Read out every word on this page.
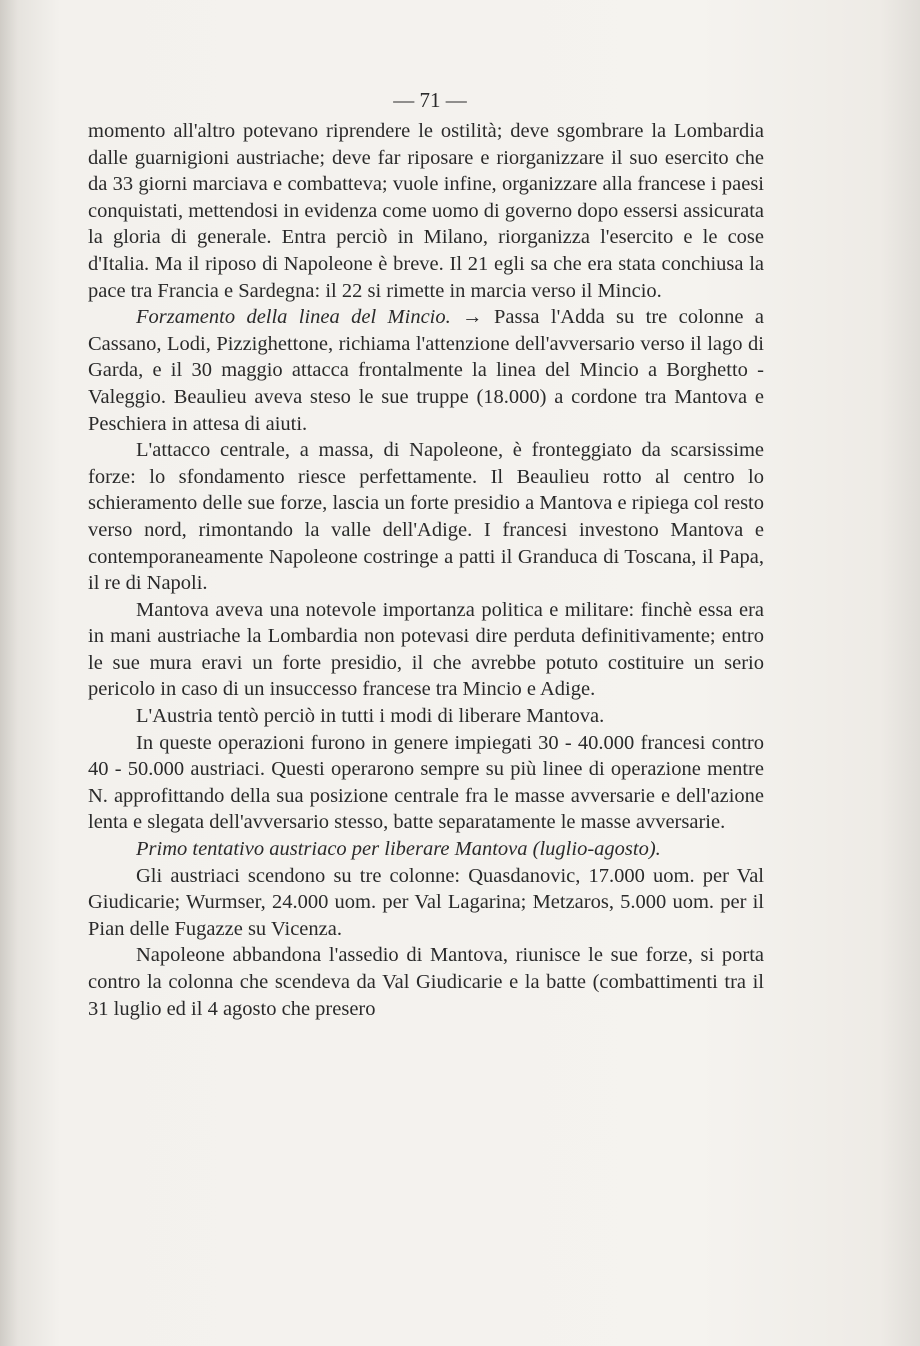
— 71 —

momento all'altro potevano riprendere le ostilità; deve sgombrare la Lombardia dalle guarnigioni austriache; deve far riposare e riorganizzare il suo esercito che da 33 giorni marciava e combatteva; vuole infine, organizzare alla francese i paesi conquistati, mettendosi in evidenza come uomo di governo dopo essersi assicurata la gloria di generale. Entra perciò in Milano, riorganizza l'esercito e le cose d'Italia. Ma il riposo di Napoleone è breve. Il 21 egli sa che era stata conchiusa la pace tra Francia e Sardegna: il 22 si rimette in marcia verso il Mincio.

Forzamento della linea del Mincio. → Passa l'Adda su tre colonne a Cassano, Lodi, Pizzighettone, richiama l'attenzione dell'avversario verso il lago di Garda, e il 30 maggio attacca frontalmente la linea del Mincio a Borghetto - Valeggio. Beaulieu aveva steso le sue truppe (18.000) a cordone tra Mantova e Peschiera in attesa di aiuti.

L'attacco centrale, a massa, di Napoleone, è fronteggiato da scarsissime forze: lo sfondamento riesce perfettamente. Il Beaulieu rotto al centro lo schieramento delle sue forze, lascia un forte presidio a Mantova e ripiega col resto verso nord, rimontando la valle dell'Adige. I francesi investono Mantova e contemporaneamente Napoleone costringe a patti il Granduca di Toscana, il Papa, il re di Napoli.

Mantova aveva una notevole importanza politica e militare: finchè essa era in mani austriache la Lombardia non potevasi dire perduta definitivamente; entro le sue mura eravi un forte presidio, il che avrebbe potuto costituire un serio pericolo in caso di un insuccesso francese tra Mincio e Adige.

L'Austria tentò perciò in tutti i modi di liberare Mantova.

In queste operazioni furono in genere impiegati 30 - 40.000 francesi contro 40 - 50.000 austriaci. Questi operarono sempre su più linee di operazione mentre N. approfittando della sua posizione centrale fra le masse avversarie e dell'azione lenta e slegata dell'avversario stesso, batte separatamente le masse avversarie.

Primo tentativo austriaco per liberare Mantova (luglio-agosto).

Gli austriaci scendono su tre colonne: Quasdanovic, 17.000 uom. per Val Giudicarie; Wurmser, 24.000 uom. per Val Lagarina; Metzaros, 5.000 uom. per il Pian delle Fugazze su Vicenza.

Napoleone abbandona l'assedio di Mantova, riunisce le sue forze, si porta contro la colonna che scendeva da Val Giudicarie e la batte (combattimenti tra il 31 luglio ed il 4 agosto che presero
